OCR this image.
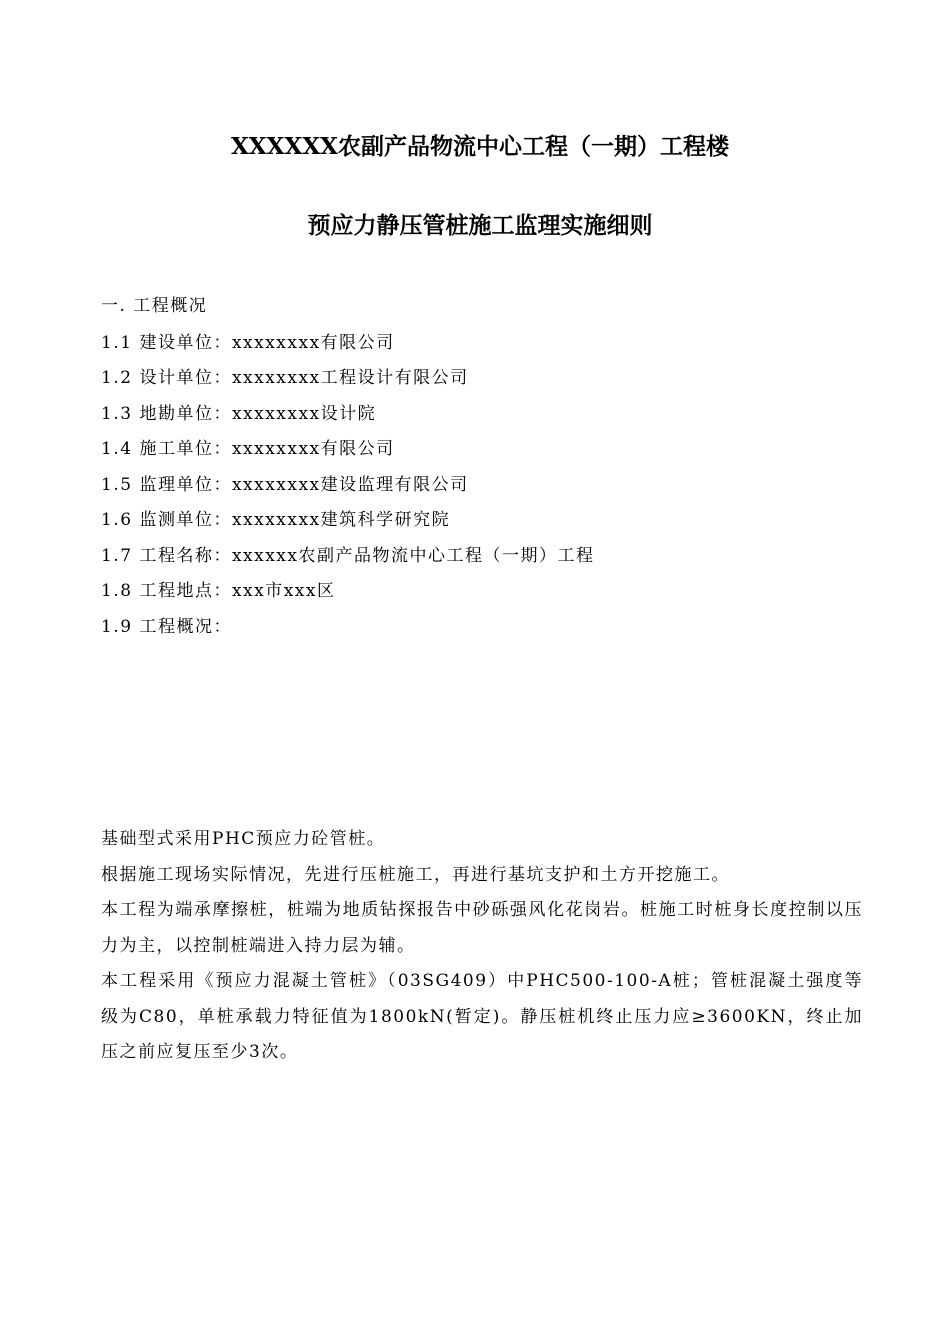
XXXXXX农副产品物流中心工程（一期）工程楼
预应力静压管桩施工监理实施细则
一. 工程概况
1.1 建设单位：xxxxxxxx有限公司
1.2 设计单位：xxxxxxxx工程设计有限公司
1.3 地勘单位：xxxxxxxx设计院
1.4 施工单位：xxxxxxxx有限公司
1.5 监理单位：xxxxxxxx建设监理有限公司
1.6 监测单位：xxxxxxxx建筑科学研究院
1.7 工程名称：xxxxxx农副产品物流中心工程（一期）工程
1.8 工程地点：xxx市xxx区
1.9 工程概况：
基础型式采用PHC预应力砼管桩。
根据施工现场实际情况，先进行压桩施工，再进行基坑支护和土方开挖施工。
本工程为端承摩擦桩，桩端为地质钻探报告中砂砾强风化花岗岩。桩施工时桩身长度控制以压力为主，以控制桩端进入持力层为辅。
本工程采用《预应力混凝土管桩》（03SG409）中PHC500-100-A桩；管桩混凝土强度等级为C80，单桩承载力特征值为1800kN(暂定)。静压桩机终止压力应≥3600KN，终止加压之前应复压至少3次。
